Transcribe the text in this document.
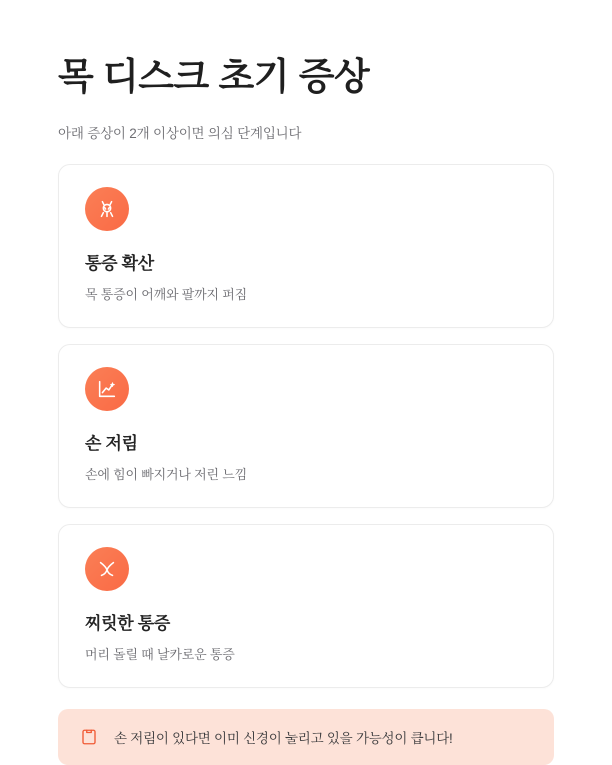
목 디스크 초기 증상

아래 증상이 2개 이상이면 의심 단계입니다

통증 확산

목 통증이 어깨와 팔까지 퍼짐

손 저림

손에 힘이 빠지거나 저린 느낌

찌릿한 통증

머리 돌릴 때 날카로운 통증

손 저림이 있다면 이미 신경이 눌리고 있을 가능성이 큽니다!
